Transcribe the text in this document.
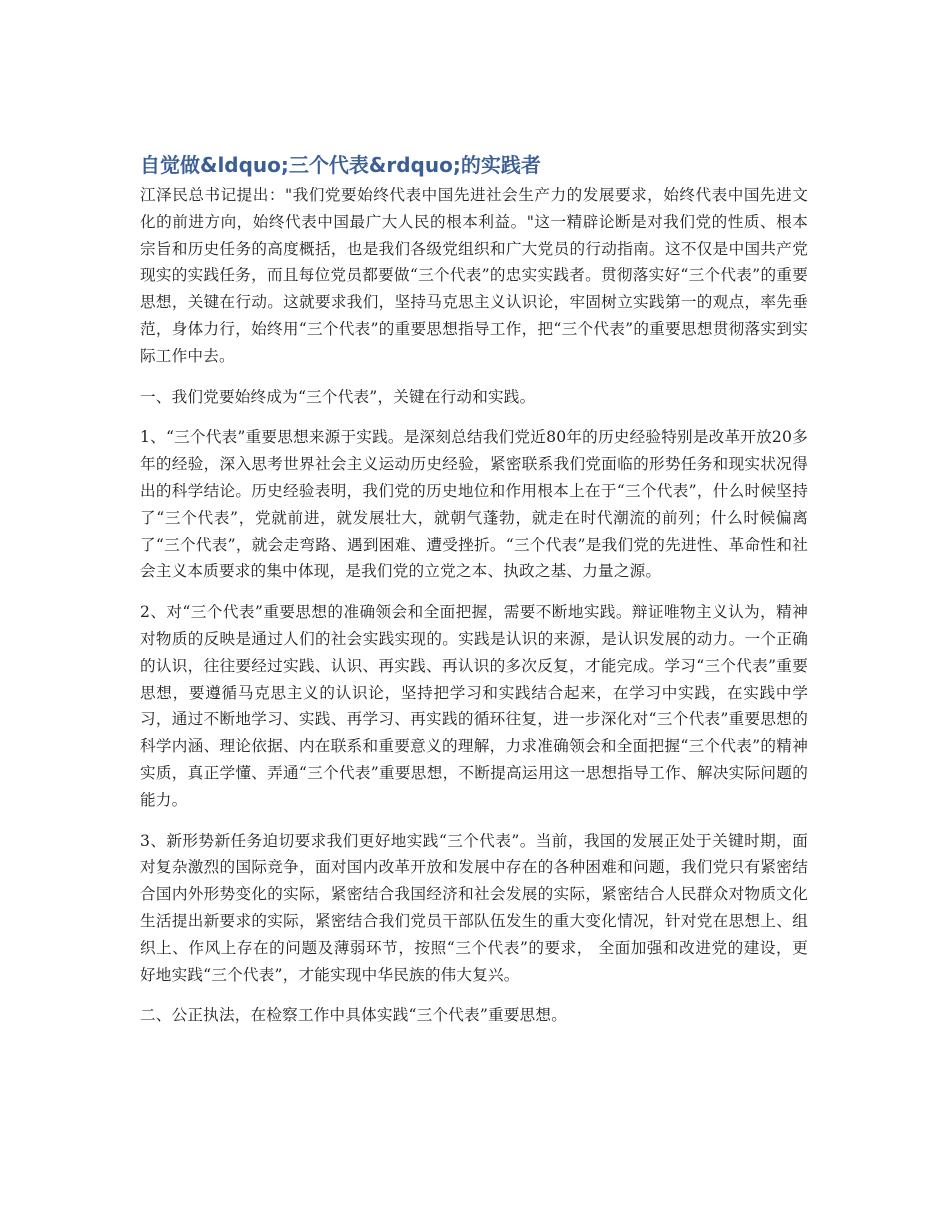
自觉做&ldquo;三个代表&rdquo;的实践者

江泽民总书记提出："我们党要始终代表中国先进社会生产力的发展要求，始终代表中国先进文化的前进方向，始终代表中国最广大人民的根本利益。"这一精辟论断是对我们党的性质、根本宗旨和历史任务的高度概括，也是我们各级党组织和广大党员的行动指南。这不仅是中国共产党现实的实践任务，而且每位党员都要做“三个代表”的忠实实践者。贯彻落实好“三个代表”的重要思想，关键在行动。这就要求我们，坚持马克思主义认识论，牢固树立实践第一的观点，率先垂范，身体力行，始终用“三个代表”的重要思想指导工作，把“三个代表”的重要思想贯彻落实到实际工作中去。

一、我们党要始终成为“三个代表”，关键在行动和实践。

1、“三个代表”重要思想来源于实践。是深刻总结我们党近80年的历史经验特别是改革开放20多年的经验，深入思考世界社会主义运动历史经验，紧密联系我们党面临的形势任务和现实状况得出的科学结论。历史经验表明，我们党的历史地位和作用根本上在于“三个代表”，什么时候坚持了“三个代表”，党就前进，就发展壮大，就朝气蓬勃，就走在时代潮流的前列；什么时候偏离了“三个代表”，就会走弯路、遇到困难、遭受挫折。“三个代表”是我们党的先进性、革命性和社会主义本质要求的集中体现，是我们党的立党之本、执政之基、力量之源。

2、对“三个代表”重要思想的准确领会和全面把握，需要不断地实践。辩证唯物主义认为，精神对物质的反映是通过人们的社会实践实现的。实践是认识的来源，是认识发展的动力。一个正确的认识，往往要经过实践、认识、再实践、再认识的多次反复，才能完成。学习“三个代表”重要思想，要遵循马克思主义的认识论，坚持把学习和实践结合起来，在学习中实践，在实践中学习，通过不断地学习、实践、再学习、再实践的循环往复，进一步深化对“三个代表”重要思想的科学内涵、理论依据、内在联系和重要意义的理解，力求准确领会和全面把握“三个代表”的精神实质，真正学懂、弄通“三个代表”重要思想，不断提高运用这一思想指导工作、解决实际问题的能力。

3、新形势新任务迫切要求我们更好地实践“三个代表”。当前，我国的发展正处于关键时期，面对复杂激烈的国际竞争，面对国内改革开放和发展中存在的各种困难和问题，我们党只有紧密结合国内外形势变化的实际，紧密结合我国经济和社会发展的实际，紧密结合人民群众对物质文化生活提出新要求的实际，紧密结合我们党员干部队伍发生的重大变化情况，针对党在思想上、组织上、作风上存在的问题及薄弱环节，按照“三个代表”的要求， 全面加强和改进党的建设，更好地实践“三个代表”，才能实现中华民族的伟大复兴。

二、公正执法，在检察工作中具体实践“三个代表”重要思想。
